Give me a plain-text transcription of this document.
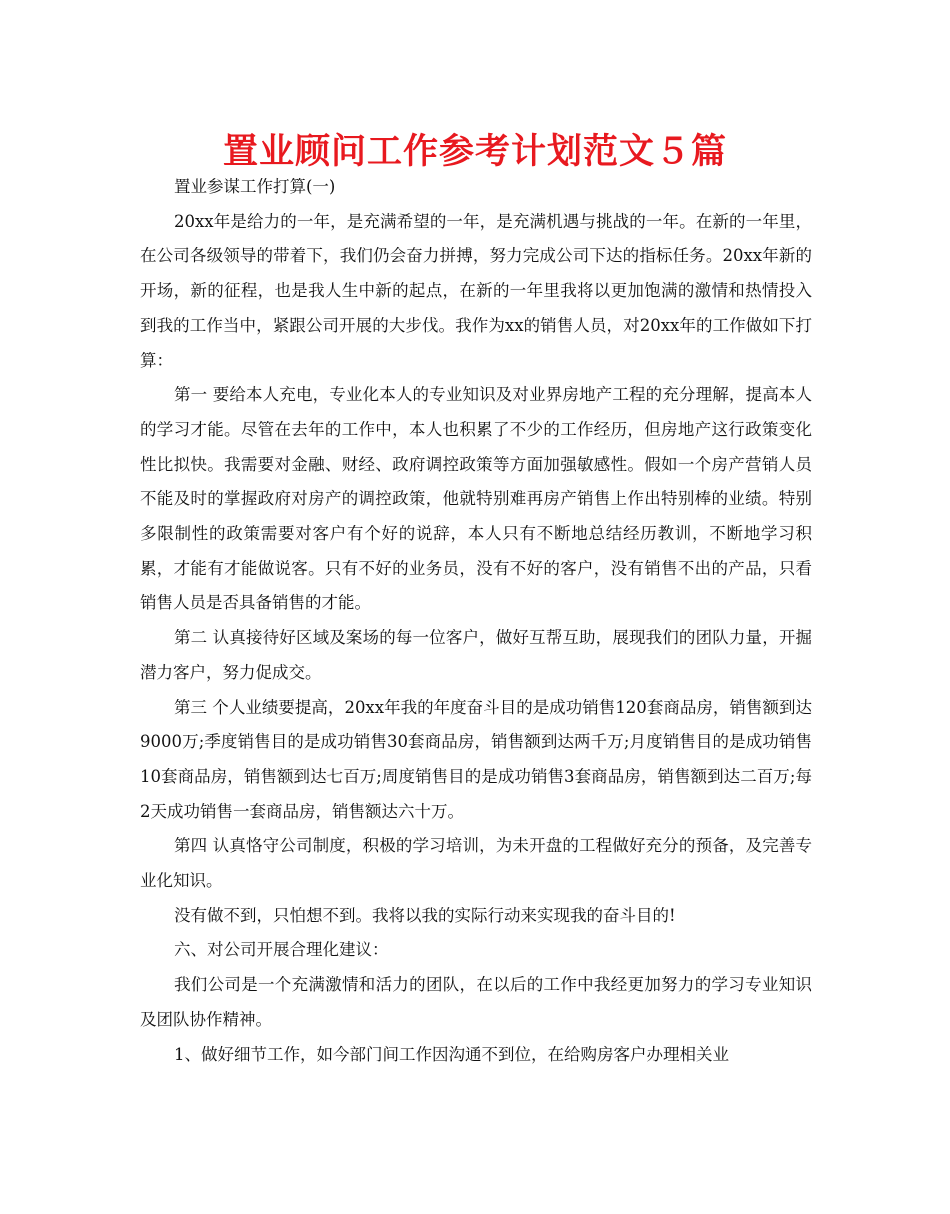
置业顾问工作参考计划范文５篇

置业参谋工作打算(一)

20xx年是给力的一年，是充满希望的一年，是充满机遇与挑战的一年。在新的一年里，在公司各级领导的带着下，我们仍会奋力拼搏，努力完成公司下达的指标任务。20xx年新的开场，新的征程，也是我人生中新的起点，在新的一年里我将以更加饱满的激情和热情投入到我的工作当中，紧跟公司开展的大步伐。我作为xx的销售人员，对20xx年的工作做如下打算：

第一 要给本人充电，专业化本人的专业知识及对业界房地产工程的充分理解，提高本人的学习才能。尽管在去年的工作中，本人也积累了不少的工作经历，但房地产这行政策变化性比拟快。我需要对金融、财经、政府调控政策等方面加强敏感性。假如一个房产营销人员不能及时的掌握政府对房产的调控政策，他就特别难再房产销售上作出特别棒的业绩。特别多限制性的政策需要对客户有个好的说辞，本人只有不断地总结经历教训，不断地学习积累，才能有才能做说客。只有不好的业务员，没有不好的客户，没有销售不出的产品，只看销售人员是否具备销售的才能。

第二 认真接待好区域及案场的每一位客户，做好互帮互助，展现我们的团队力量，开掘潜力客户，努力促成交。

第三 个人业绩要提高，20xx年我的年度奋斗目的是成功销售120套商品房，销售额到达9000万;季度销售目的是成功销售30套商品房，销售额到达两千万;月度销售目的是成功销售10套商品房，销售额到达七百万;周度销售目的是成功销售3套商品房，销售额到达二百万;每2天成功销售一套商品房，销售额达六十万。

第四 认真恪守公司制度，积极的学习培训，为未开盘的工程做好充分的预备，及完善专业化知识。

没有做不到，只怕想不到。我将以我的实际行动来实现我的奋斗目的!

六、对公司开展合理化建议：

我们公司是一个充满激情和活力的团队，在以后的工作中我经更加努力的学习专业知识及团队协作精神。

1、做好细节工作，如今部门间工作因沟通不到位，在给购房客户办理相关业
